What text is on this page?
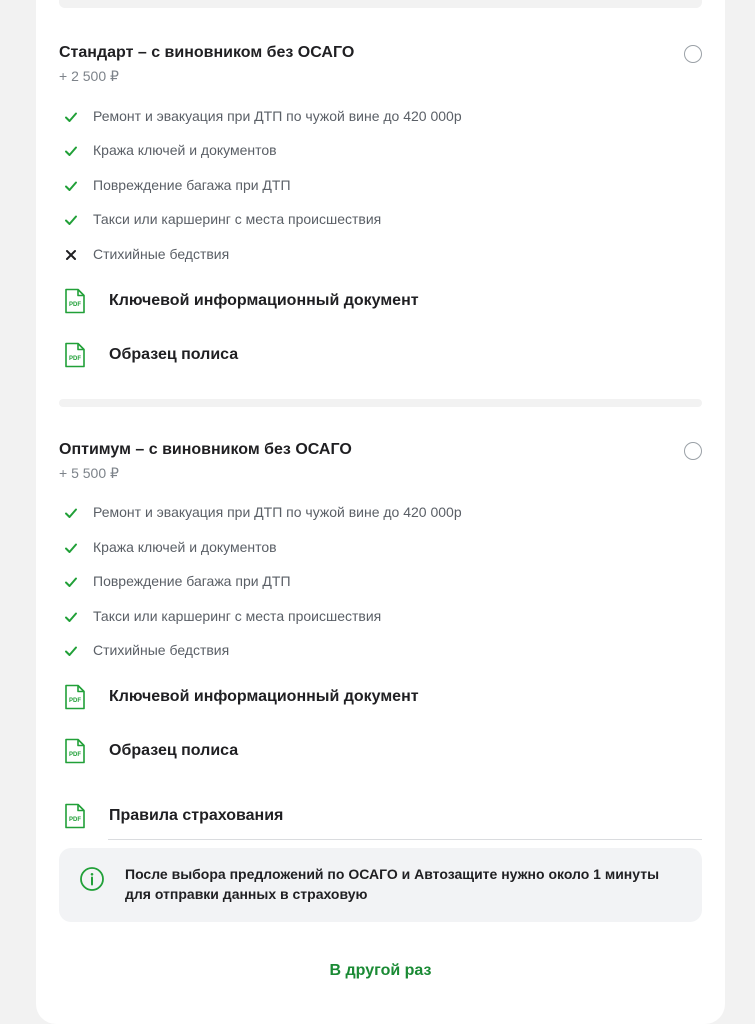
Стандарт – с виновником без ОСАГО
+ 2 500 ₽
Ремонт и эвакуация при ДТП по чужой вине до 420 000р
Кража ключей и документов
Повреждение багажа при ДТП
Такси или каршеринг с места происшествия
Стихийные бедствия
PDF Ключевой информационный документ
PDF Образец полиса
Оптимум – с виновником без ОСАГО
+ 5 500 ₽
Ремонт и эвакуация при ДТП по чужой вине до 420 000р
Кража ключей и документов
Повреждение багажа при ДТП
Такси или каршеринг с места происшествия
Стихийные бедствия
PDF Ключевой информационный документ
PDF Образец полиса
PDF Правила страхования
После выбора предложений по ОСАГО и Автозащите нужно около 1 минуты для отправки данных в страховую
В другой раз
